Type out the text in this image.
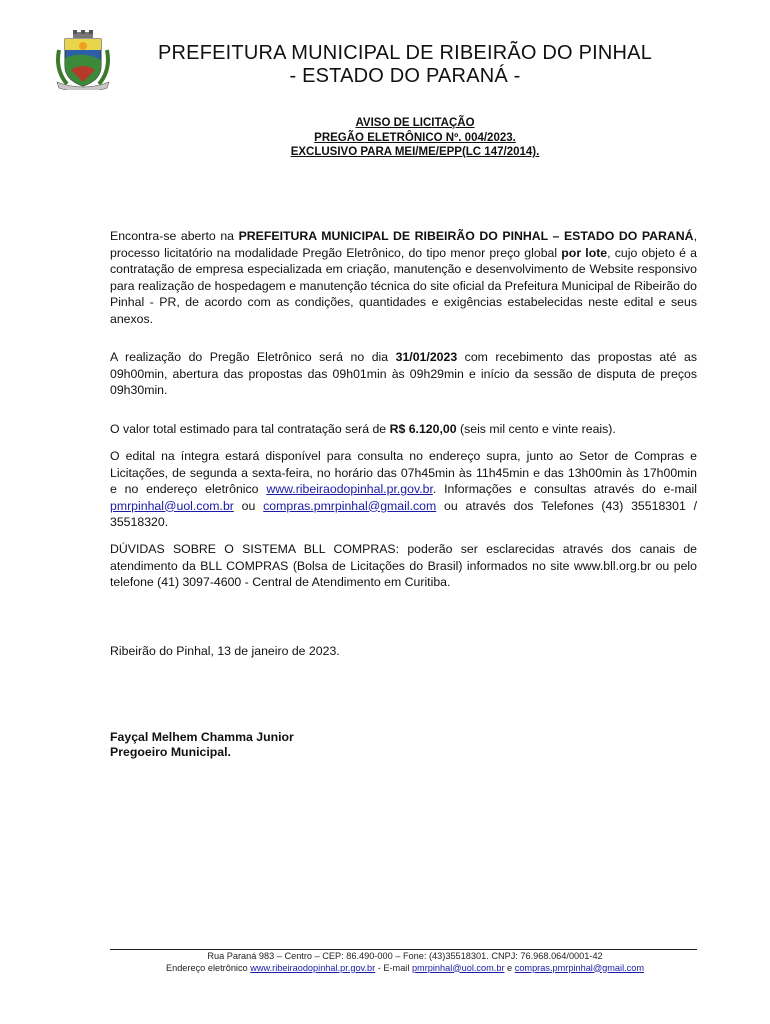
PREFEITURA MUNICIPAL DE RIBEIRÃO DO PINHAL
- ESTADO DO PARANÁ -
AVISO DE LICITAÇÃO
PREGÃO ELETRÔNICO Nº. 004/2023.
EXCLUSIVO PARA MEI/ME/EPP(LC 147/2014).

Encontra-se aberto na PREFEITURA MUNICIPAL DE RIBEIRÃO DO PINHAL – ESTADO DO PARANÁ, processo licitatório na modalidade Pregão Eletrônico, do tipo menor preço global por lote, cujo objeto é a contratação de empresa especializada em criação, manutenção e desenvolvimento de Website responsivo para realização de hospedagem e manutenção técnica do site oficial da Prefeitura Municipal de Ribeirão do Pinhal - PR, de acordo com as condições, quantidades e exigências estabelecidas neste edital e seus anexos.

A realização do Pregão Eletrônico será no dia 31/01/2023 com recebimento das propostas até as 09h00min, abertura das propostas das 09h01min às 09h29min e início da sessão de disputa de preços 09h30min.

O valor total estimado para tal contratação será de R$ 6.120,00 (seis mil cento e vinte reais).

O edital na íntegra estará disponível para consulta no endereço supra, junto ao Setor de Compras e Licitações, de segunda a sexta-feira, no horário das 07h45min às 11h45min e das 13h00min às 17h00min e no endereço eletrônico www.ribeiraodopinhal.pr.gov.br. Informações e consultas através do e-mail pmrpinhal@uol.com.br ou compras.pmrpinhal@gmail.com ou através dos Telefones (43) 35518301 / 35518320.

DÚVIDAS SOBRE O SISTEMA BLL COMPRAS: poderão ser esclarecidas através dos canais de atendimento da BLL COMPRAS (Bolsa de Licitações do Brasil) informados no site www.bll.org.br ou pelo telefone (41) 3097-4600 - Central de Atendimento em Curitiba.

Ribeirão do Pinhal, 13 de janeiro de 2023.

Fayçal Melhem Chamma Junior
Pregoeiro Municipal.
Rua Paraná 983 – Centro – CEP: 86.490-000 – Fone: (43)35518301. CNPJ: 76.968.064/0001-42
Endereço eletrônico www.ribeiraodopinhal.pr.gov.br - E-mail pmrpinhal@uol.com.br e compras.pmrpinhal@gmail.com
